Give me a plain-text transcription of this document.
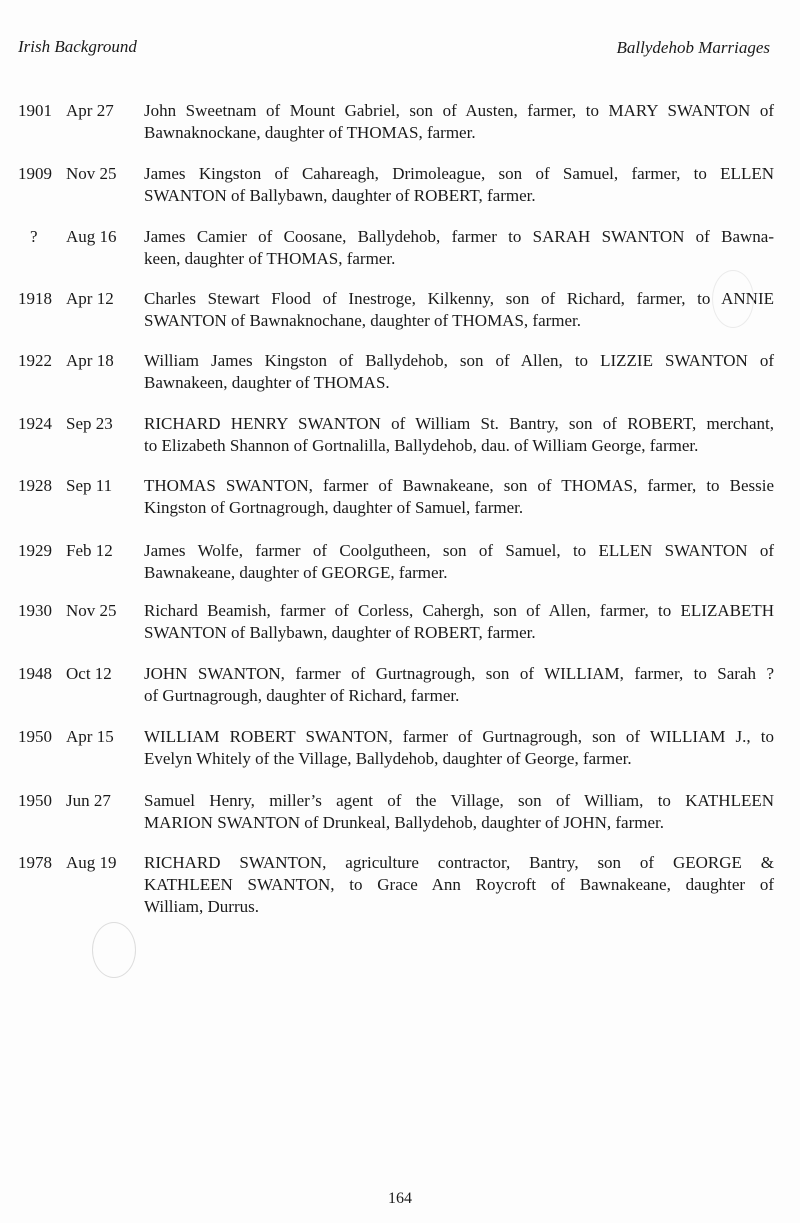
Irish Background	Ballydehob Marriages
1901 Apr 27	John Sweetnam of Mount Gabriel, son of Austen, farmer, to MARY SWANTON of
Bawnaknockane, daughter of THOMAS, farmer.
1909 Nov 25	James Kingston of Cahareagh, Drimoleague, son of Samuel, farmer, to ELLEN
SWANTON of Ballybawn, daughter of ROBERT, farmer.
?	Aug 16	James Camier of Coosane, Ballydehob, farmer to SARAH SWANTON of Bawna-
keen, daughter of THOMAS, farmer.
1918 Apr 12	Charles Stewart Flood of Inestroge, Kilkenny, son of Richard, farmer, to ANNIE
SWANTON of Bawnaknochane, daughter of THOMAS, farmer.
1922 Apr 18	William James Kingston of Ballydehob, son of Allen, to LIZZIE SWANTON of
Bawnakeen, daughter of THOMAS.
1924 Sep 23	RICHARD HENRY SWANTON of William St. Bantry, son of ROBERT, merchant,
to Elizabeth Shannon of Gortnalilla, Ballydehob, dau. of William George, farmer.
1928 Sep 11	THOMAS SWANTON, farmer of Bawnakeane, son of THOMAS, farmer, to Bessie
Kingston of Gortnagrough, daughter of Samuel, farmer.
1929 Feb 12	James Wolfe, farmer of Coolgutheen, son of Samuel, to ELLEN SWANTON of
Bawnakeane, daughter of GEORGE, farmer.
1930 Nov 25	Richard Beamish, farmer of Corless, Cahergh, son of Allen, farmer, to ELIZABETH
SWANTON of Ballybawn, daughter of ROBERT, farmer.
1948 Oct 12	JOHN SWANTON, farmer of Gurtnagrough, son of WILLIAM, farmer, to Sarah ?
of Gurtnagrough, daughter of Richard, farmer.
1950 Apr 15	WILLIAM ROBERT SWANTON, farmer of Gurtnagrough, son of WILLIAM J., to
Evelyn Whitely of the Village, Ballydehob, daughter of George, farmer.
1950 Jun 27	Samuel Henry, miller’s agent of the Village, son of William, to KATHLEEN
MARION SWANTON of Drunkeal, Ballydehob, daughter of JOHN, farmer.
1978 Aug 19	RICHARD SWANTON, agriculture contractor, Bantry, son of GEORGE &
KATHLEEN SWANTON, to Grace Ann Roycroft of Bawnakeane, daughter of
William, Durrus.
164
